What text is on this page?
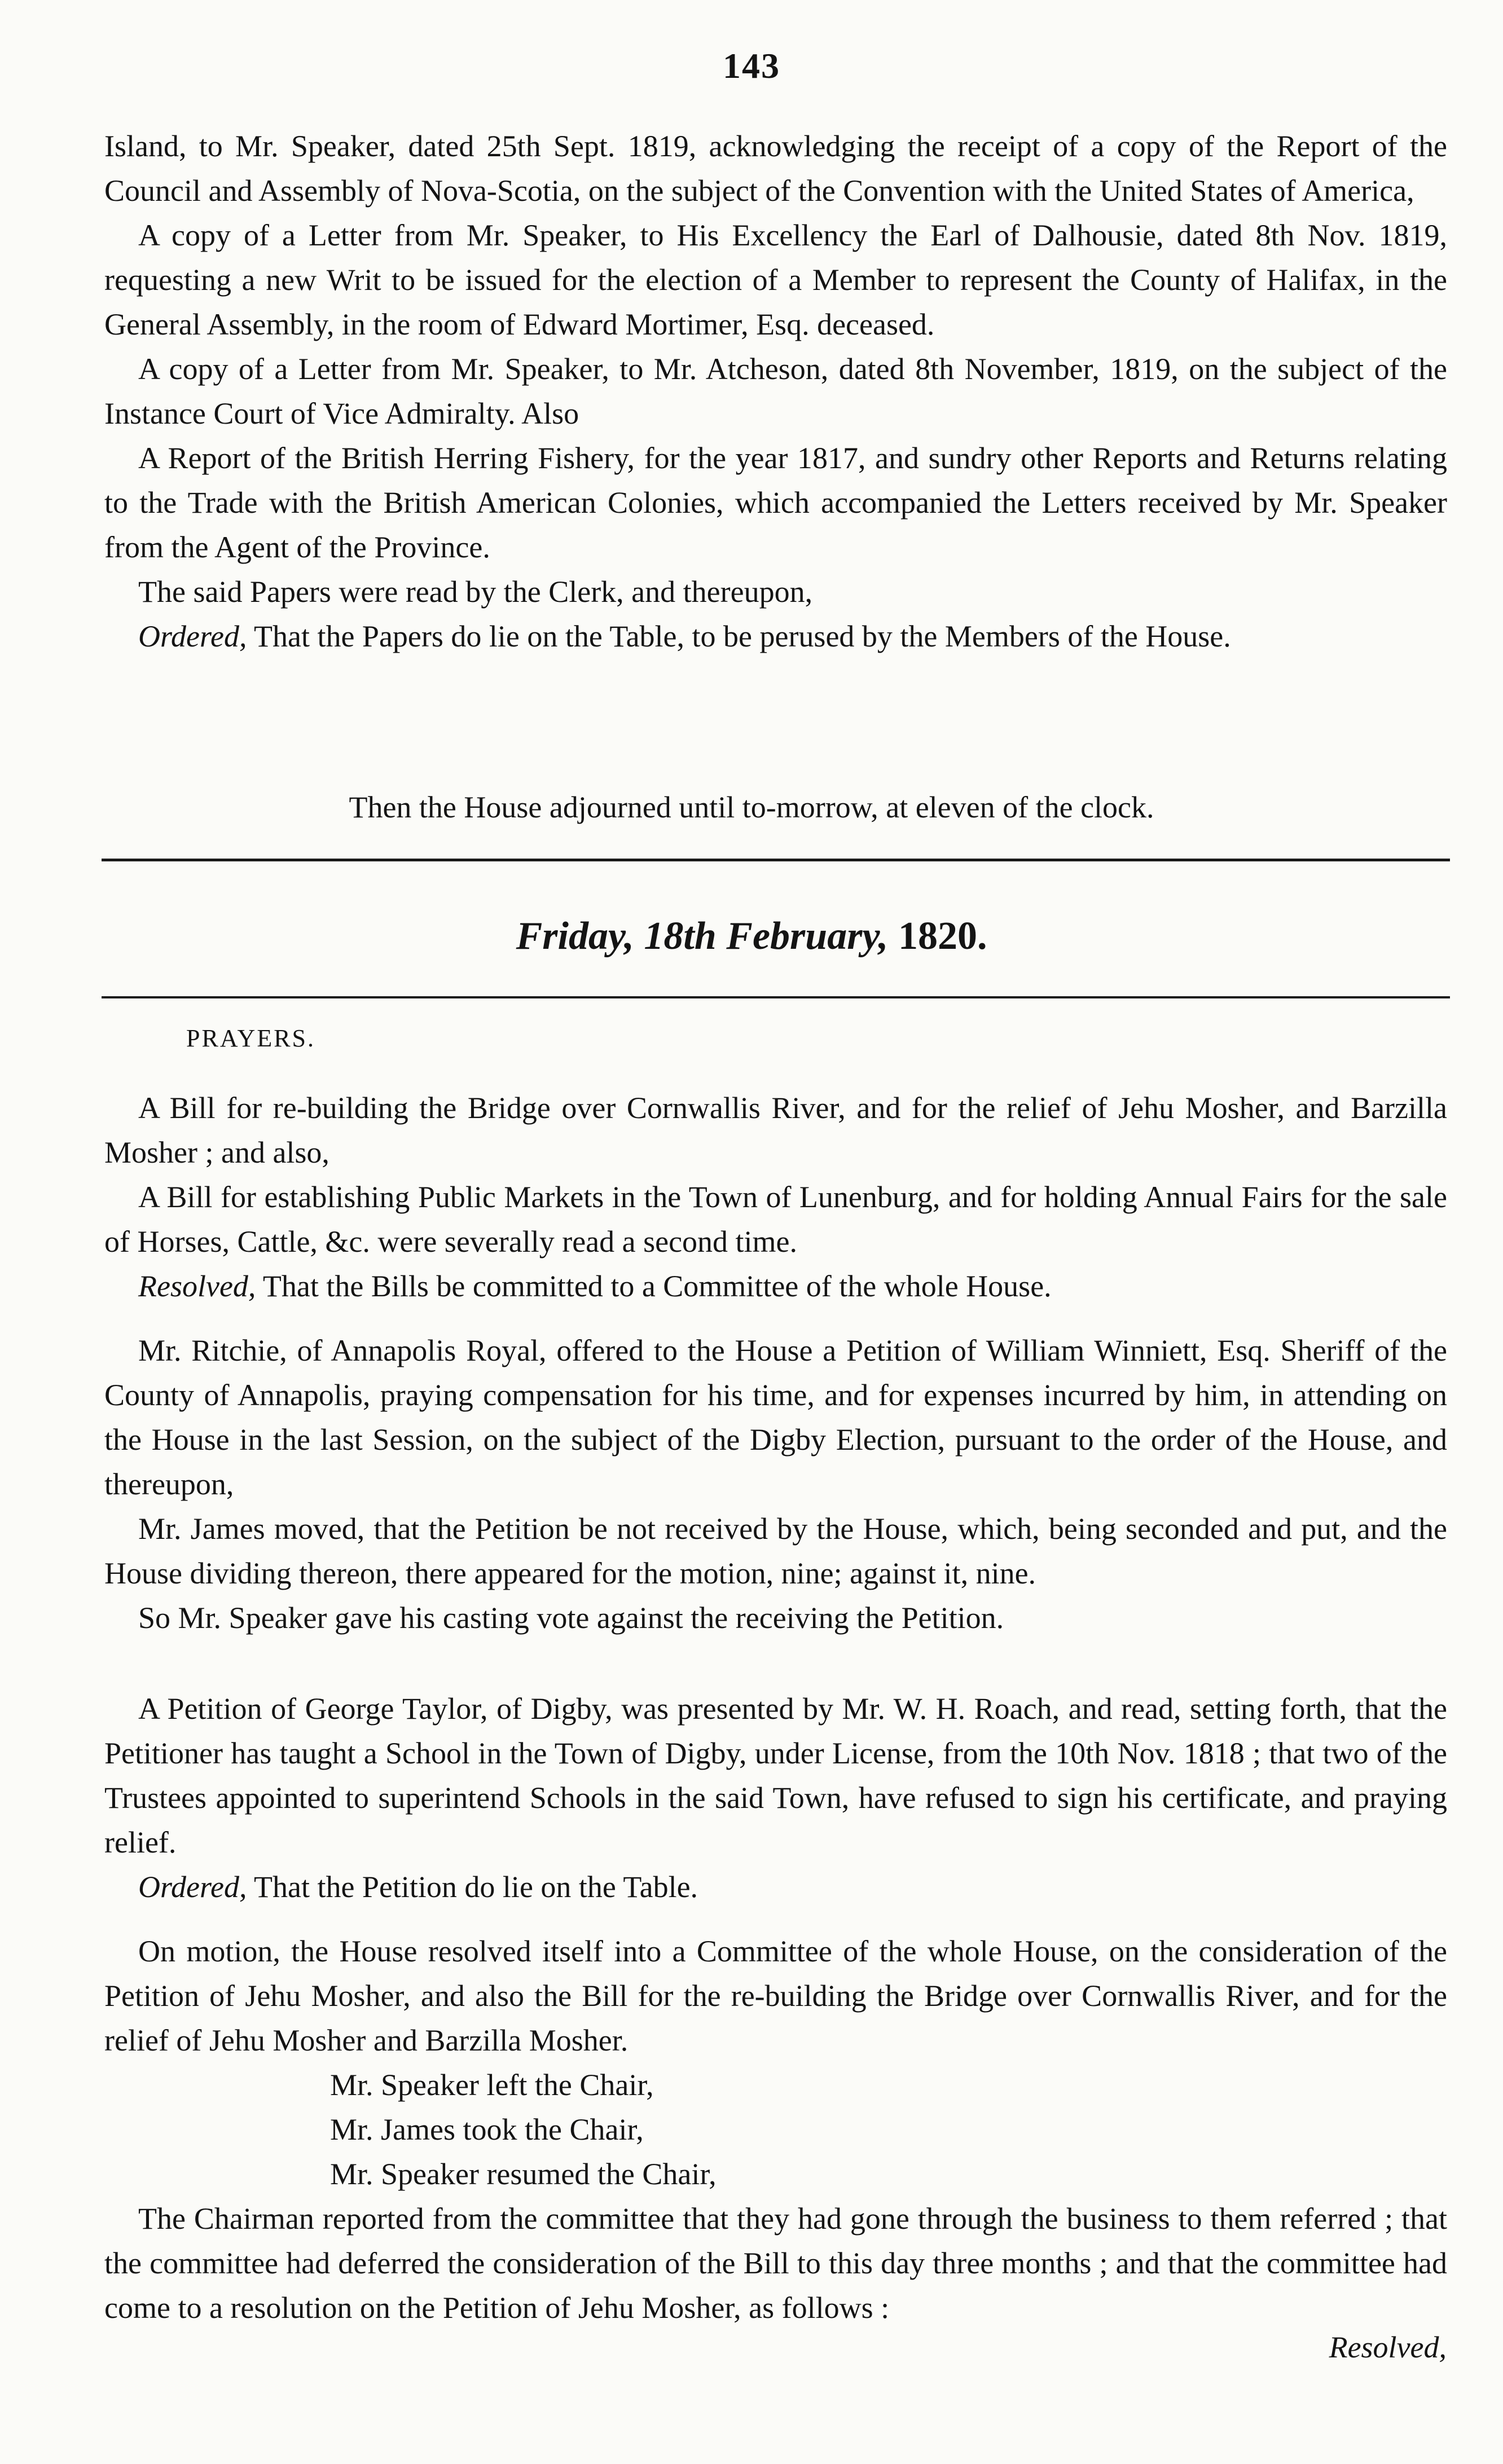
143

Island, to Mr. Speaker, dated 25th Sept. 1819, acknowledging the receipt of a copy of the Report of the Council and Assembly of Nova-Scotia, on the subject of the Convention with the United States of America,

A copy of a Letter from Mr. Speaker, to His Excellency the Earl of Dalhousie, dated 8th Nov. 1819, requesting a new Writ to be issued for the election of a Member to represent the County of Halifax, in the General Assembly, in the room of Edward Mortimer, Esq. deceased.

A copy of a Letter from Mr. Speaker, to Mr. Atcheson, dated 8th November, 1819, on the subject of the Instance Court of Vice Admiralty. Also

A Report of the British Herring Fishery, for the year 1817, and sundry other Reports and Returns relating to the Trade with the British American Colonies, which accompanied the Letters received by Mr. Speaker from the Agent of the Province.

The said Papers were read by the Clerk, and thereupon,

Ordered, That the Papers do lie on the Table, to be perused by the Members of the House.

Then the House adjourned until to-morrow, at eleven of the clock.
Friday, 18th February, 1820.
PRAYERS.

A Bill for re-building the Bridge over Cornwallis River, and for the relief of Jehu Mosher, and Barzilla Mosher ; and also,

A Bill for establishing Public Markets in the Town of Lunenburg, and for holding Annual Fairs for the sale of Horses, Cattle, &c. were severally read a second time.

Resolved, That the Bills be committed to a Committee of the whole House.

Mr. Ritchie, of Annapolis Royal, offered to the House a Petition of William Winniett, Esq. Sheriff of the County of Annapolis, praying compensation for his time, and for expenses incurred by him, in attending on the House in the last Session, on the subject of the Digby Election, pursuant to the order of the House, and thereupon,

Mr. James moved, that the Petition be not received by the House, which, being seconded and put, and the House dividing thereon, there appeared for the motion, nine; against it, nine.

So Mr. Speaker gave his casting vote against the receiving the Petition.

A Petition of George Taylor, of Digby, was presented by Mr. W. H. Roach, and read, setting forth, that the Petitioner has taught a School in the Town of Digby, under License, from the 10th Nov. 1818 ; that two of the Trustees appointed to superintend Schools in the said Town, have refused to sign his certificate, and praying relief.

Ordered, That the Petition do lie on the Table.

On motion, the House resolved itself into a Committee of the whole House, on the consideration of the Petition of Jehu Mosher, and also the Bill for the re-building the Bridge over Cornwallis River, and for the relief of Jehu Mosher and Barzilla Mosher.

Mr. Speaker left the Chair,

Mr. James took the Chair,

Mr. Speaker resumed the Chair,

The Chairman reported from the committee that they had gone through the business to them referred ; that the committee had deferred the consideration of the Bill to this day three months ; and that the committee had come to a resolution on the Petition of Jehu Mosher, as follows :

Resolved,
